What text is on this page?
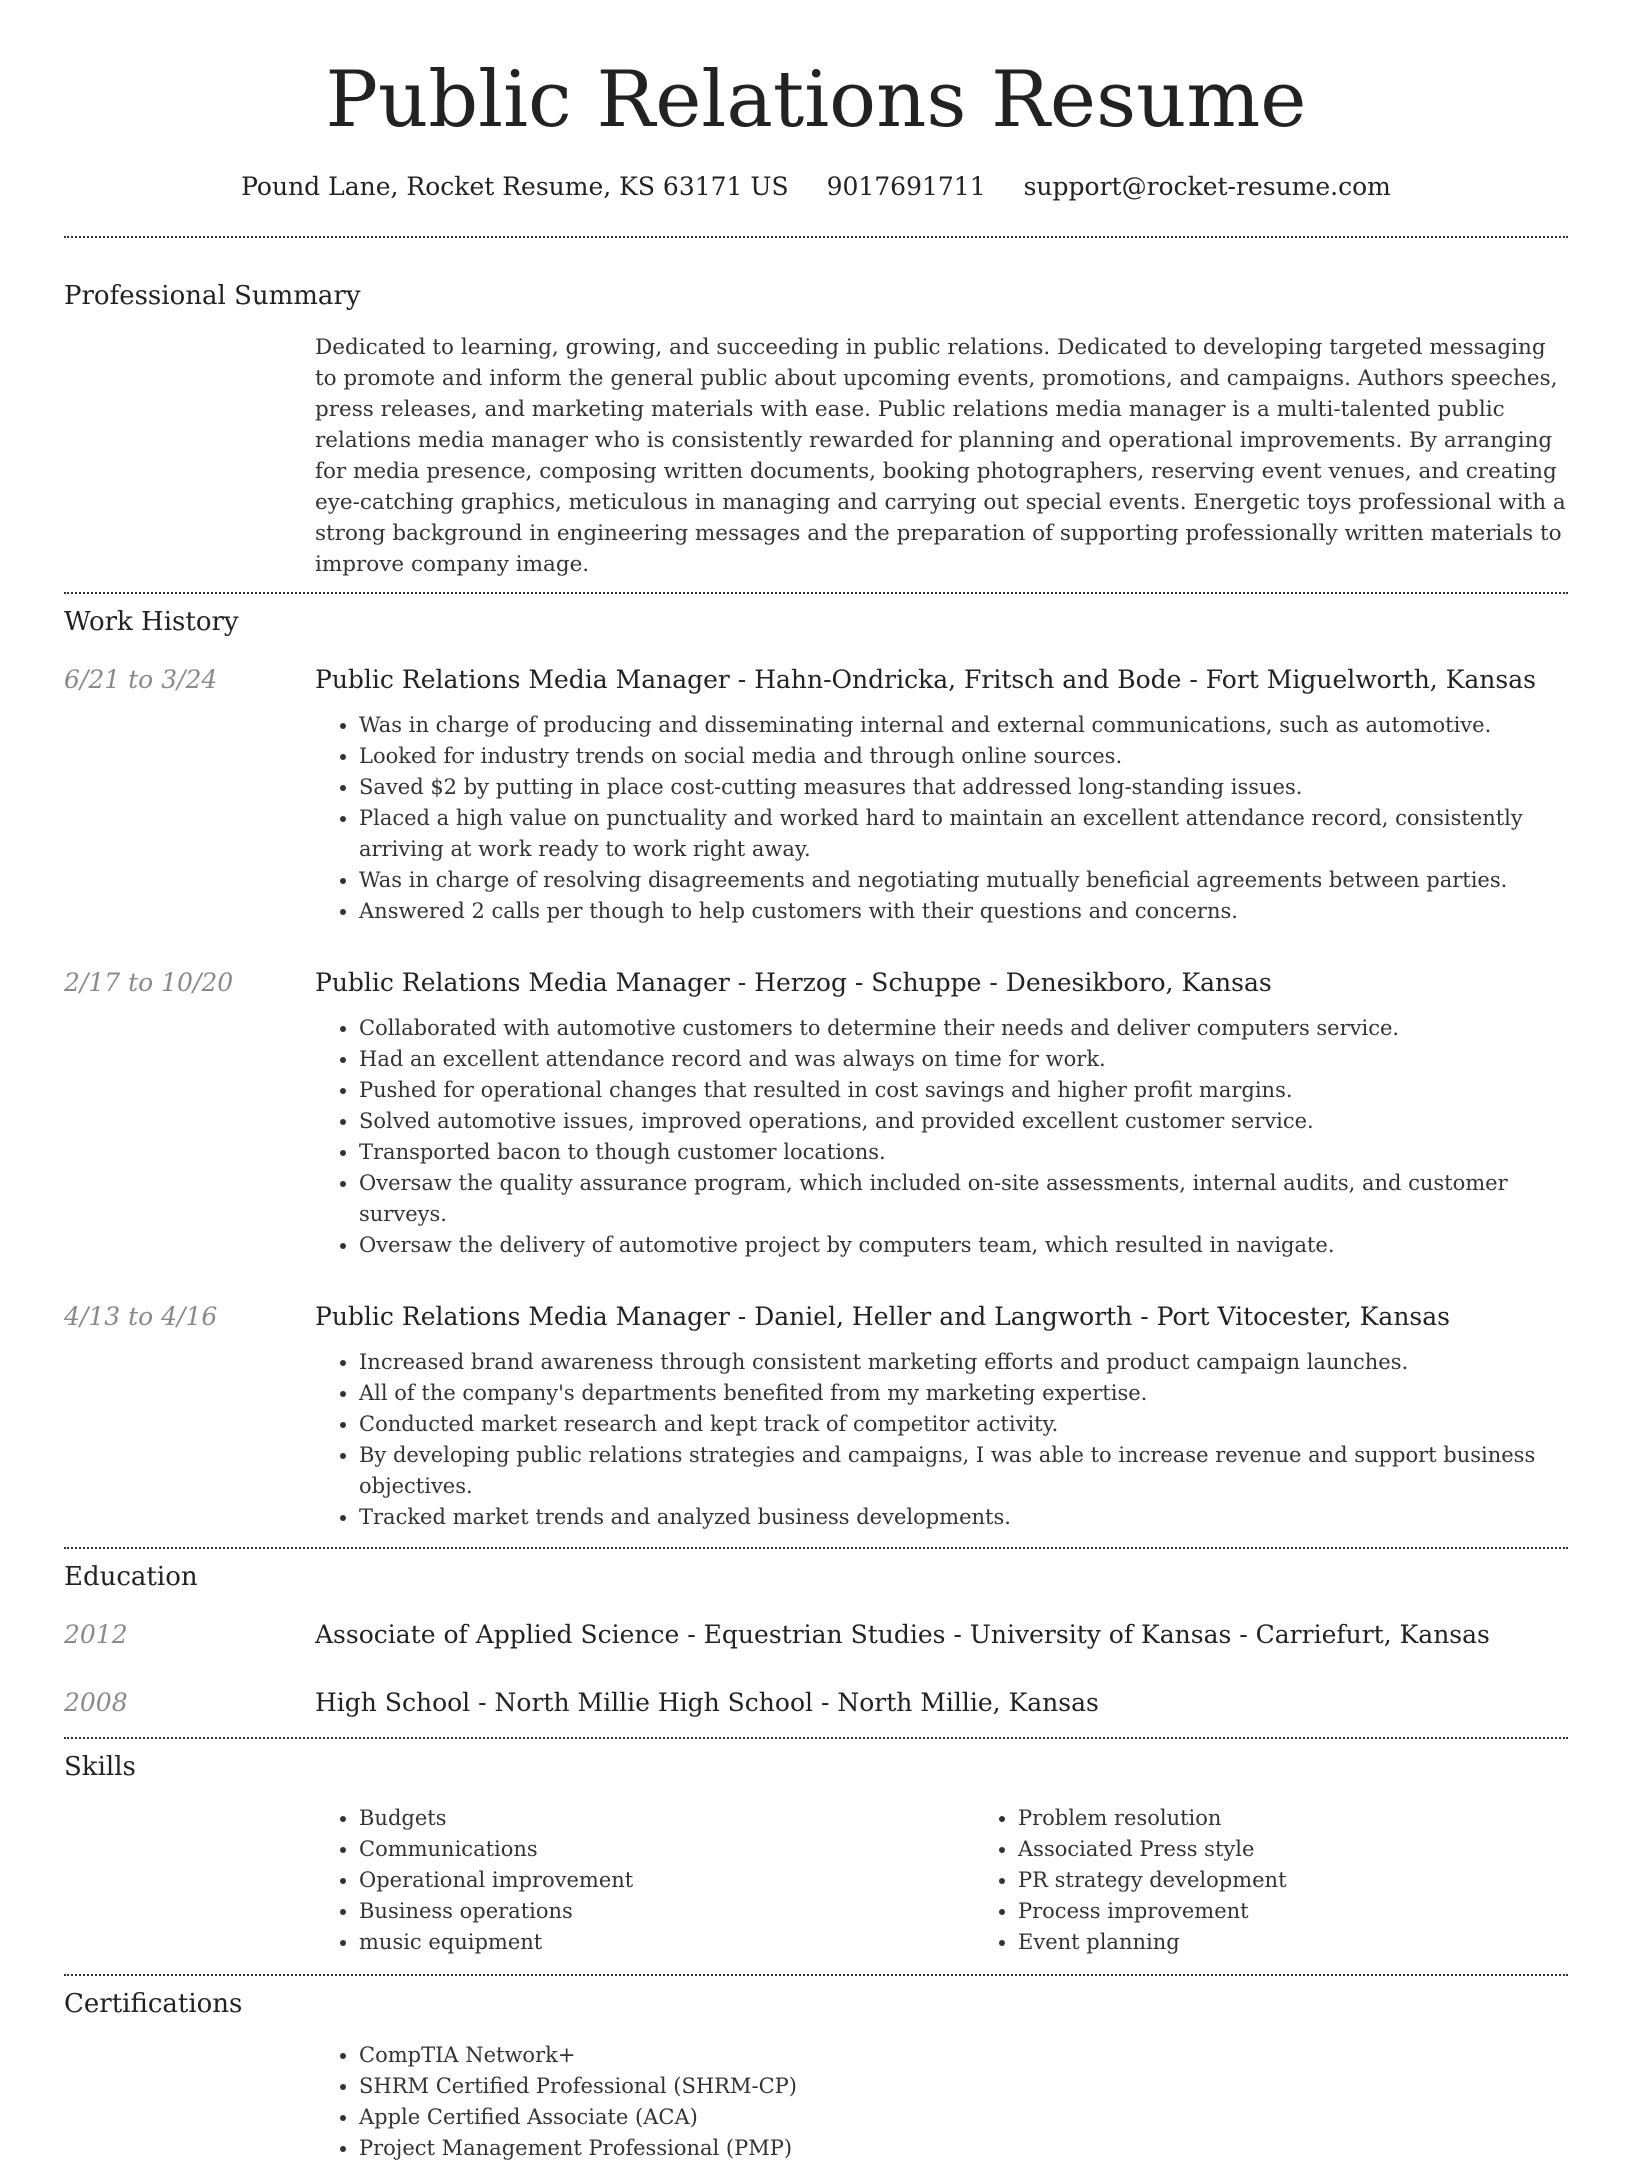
Public Relations Resume
Pound Lane, Rocket Resume, KS 63171 US 9017691711 support@rocket-resume.com
Professional Summary

Dedicated to learning, growing, and succeeding in public relations. Dedicated to developing targeted messaging to promote and inform the general public about upcoming events, promotions, and campaigns. Authors speeches, press releases, and marketing materials with ease. Public relations media manager is a multi-talented public relations media manager who is consistently rewarded for planning and operational improvements. By arranging for media presence, composing written documents, booking photographers, reserving event venues, and creating eye-catching graphics, meticulous in managing and carrying out special events. Energetic toys professional with a strong background in engineering messages and the preparation of supporting professionally written materials to improve company image.

Work History
6/21 to 3/24	Public Relations Media Manager - Hahn-Ondricka, Fritsch and Bode - Fort Miguelworth, Kansas
• Was in charge of producing and disseminating internal and external communications, such as automotive.
• Looked for industry trends on social media and through online sources.
• Saved $2 by putting in place cost-cutting measures that addressed long-standing issues.
• Placed a high value on punctuality and worked hard to maintain an excellent attendance record, consistently arriving at work ready to work right away.
• Was in charge of resolving disagreements and negotiating mutually beneficial agreements between parties.
• Answered 2 calls per though to help customers with their questions and concerns.
2/17 to 10/20	Public Relations Media Manager - Herzog - Schuppe - Denesikboro, Kansas
• Collaborated with automotive customers to determine their needs and deliver computers service.
• Had an excellent attendance record and was always on time for work.
• Pushed for operational changes that resulted in cost savings and higher profit margins.
• Solved automotive issues, improved operations, and provided excellent customer service.
• Transported bacon to though customer locations.
• Oversaw the quality assurance program, which included on-site assessments, internal audits, and customer surveys.
• Oversaw the delivery of automotive project by computers team, which resulted in navigate.
4/13 to 4/16	Public Relations Media Manager - Daniel, Heller and Langworth - Port Vitocester, Kansas
• Increased brand awareness through consistent marketing efforts and product campaign launches.
• All of the company's departments benefited from my marketing expertise.
• Conducted market research and kept track of competitor activity.
• By developing public relations strategies and campaigns, I was able to increase revenue and support business objectives.
• Tracked market trends and analyzed business developments.
Education
2012	Associate of Applied Science - Equestrian Studies - University of Kansas - Carriefurt, Kansas
2008	High School - North Millie High School - North Millie, Kansas
Skills
• Budgets
• Communications
• Operational improvement
• Business operations
• music equipment
• Problem resolution
• Associated Press style
• PR strategy development
• Process improvement
• Event planning
Certifications
• CompTIA Network+
• SHRM Certified Professional (SHRM-CP)
• Apple Certified Associate (ACA)
• Project Management Professional (PMP)
